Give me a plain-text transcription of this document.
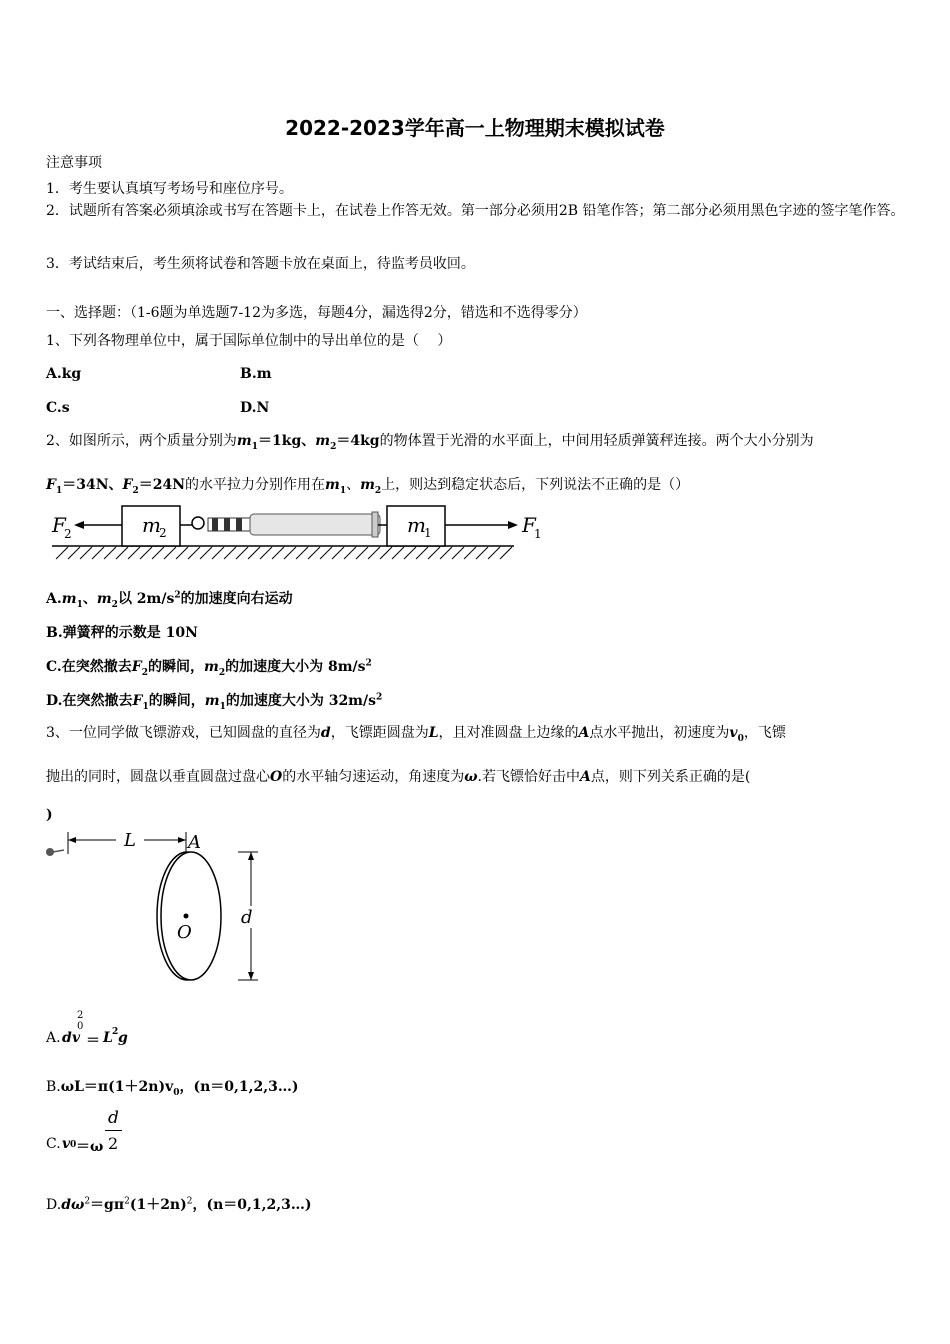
2022-2023学年高一上物理期末模拟试卷
注意事项
1．考生要认真填写考场号和座位序号。
2．试题所有答案必须填涂或书写在答题卡上，在试卷上作答无效。第一部分必须用2B 铅笔作答；第二部分必须用黑色字迹的签字笔作答。
3．考试结束后，考生须将试卷和答题卡放在桌面上，待监考员收回。
一、选择题：（1-6题为单选题7-12为多选，每题4分，漏选得2分，错选和不选得零分）
1、下列各物理单位中，属于国际单位制中的导出单位的是（　 ）
A.kg	B.m
C.s	D.N
2、如图所示，两个质量分别为$m_1=1kg$、$m_2=4kg$的物体置于光滑的水平面上，中间用轻质弹簧秤连接。两个大小分别为
$F_1=34N$、$F_2=24N$的水平拉力分别作用在$m_1$、$m_2$上，则达到稳定状态后，下列说法不正确的是（）
F
2	m
2	m
1	F
1
$A.m_1$、$m_2$以 $2m/s^2$的加速度向右运动
B.弹簧秤的示数是 10N
C.在突然撤去$F_2$的瞬间，$m_2$的加速度大小为 $8m/s^2$
D.在突然撤去$F_1$的瞬间，$m_1$的加速度大小为 $32m/s^2$
3、一位同学做飞镖游戏，已知圆盘的直径为d，飞镖距圆盘为L，且对准圆盘上边缘的A点水平抛出，初速度为$v_0$，飞镖
抛出的同时，圆盘以垂直圆盘过盘心O的水平轴匀速运动，角速度为ω.若飞镖恰好击中A点，则下列关系正确的是(
)
L	A
O
d
A. d v
2
0
＝ L 2 g
$B.\omega L=\pi(1+2n)v_0$，(n＝0,1,2,3…)
C. v 0 ＝ω
d
2
$D.d\omega^2=g\pi^2(1+2n)^2$，(n＝0,1,2,3…)
